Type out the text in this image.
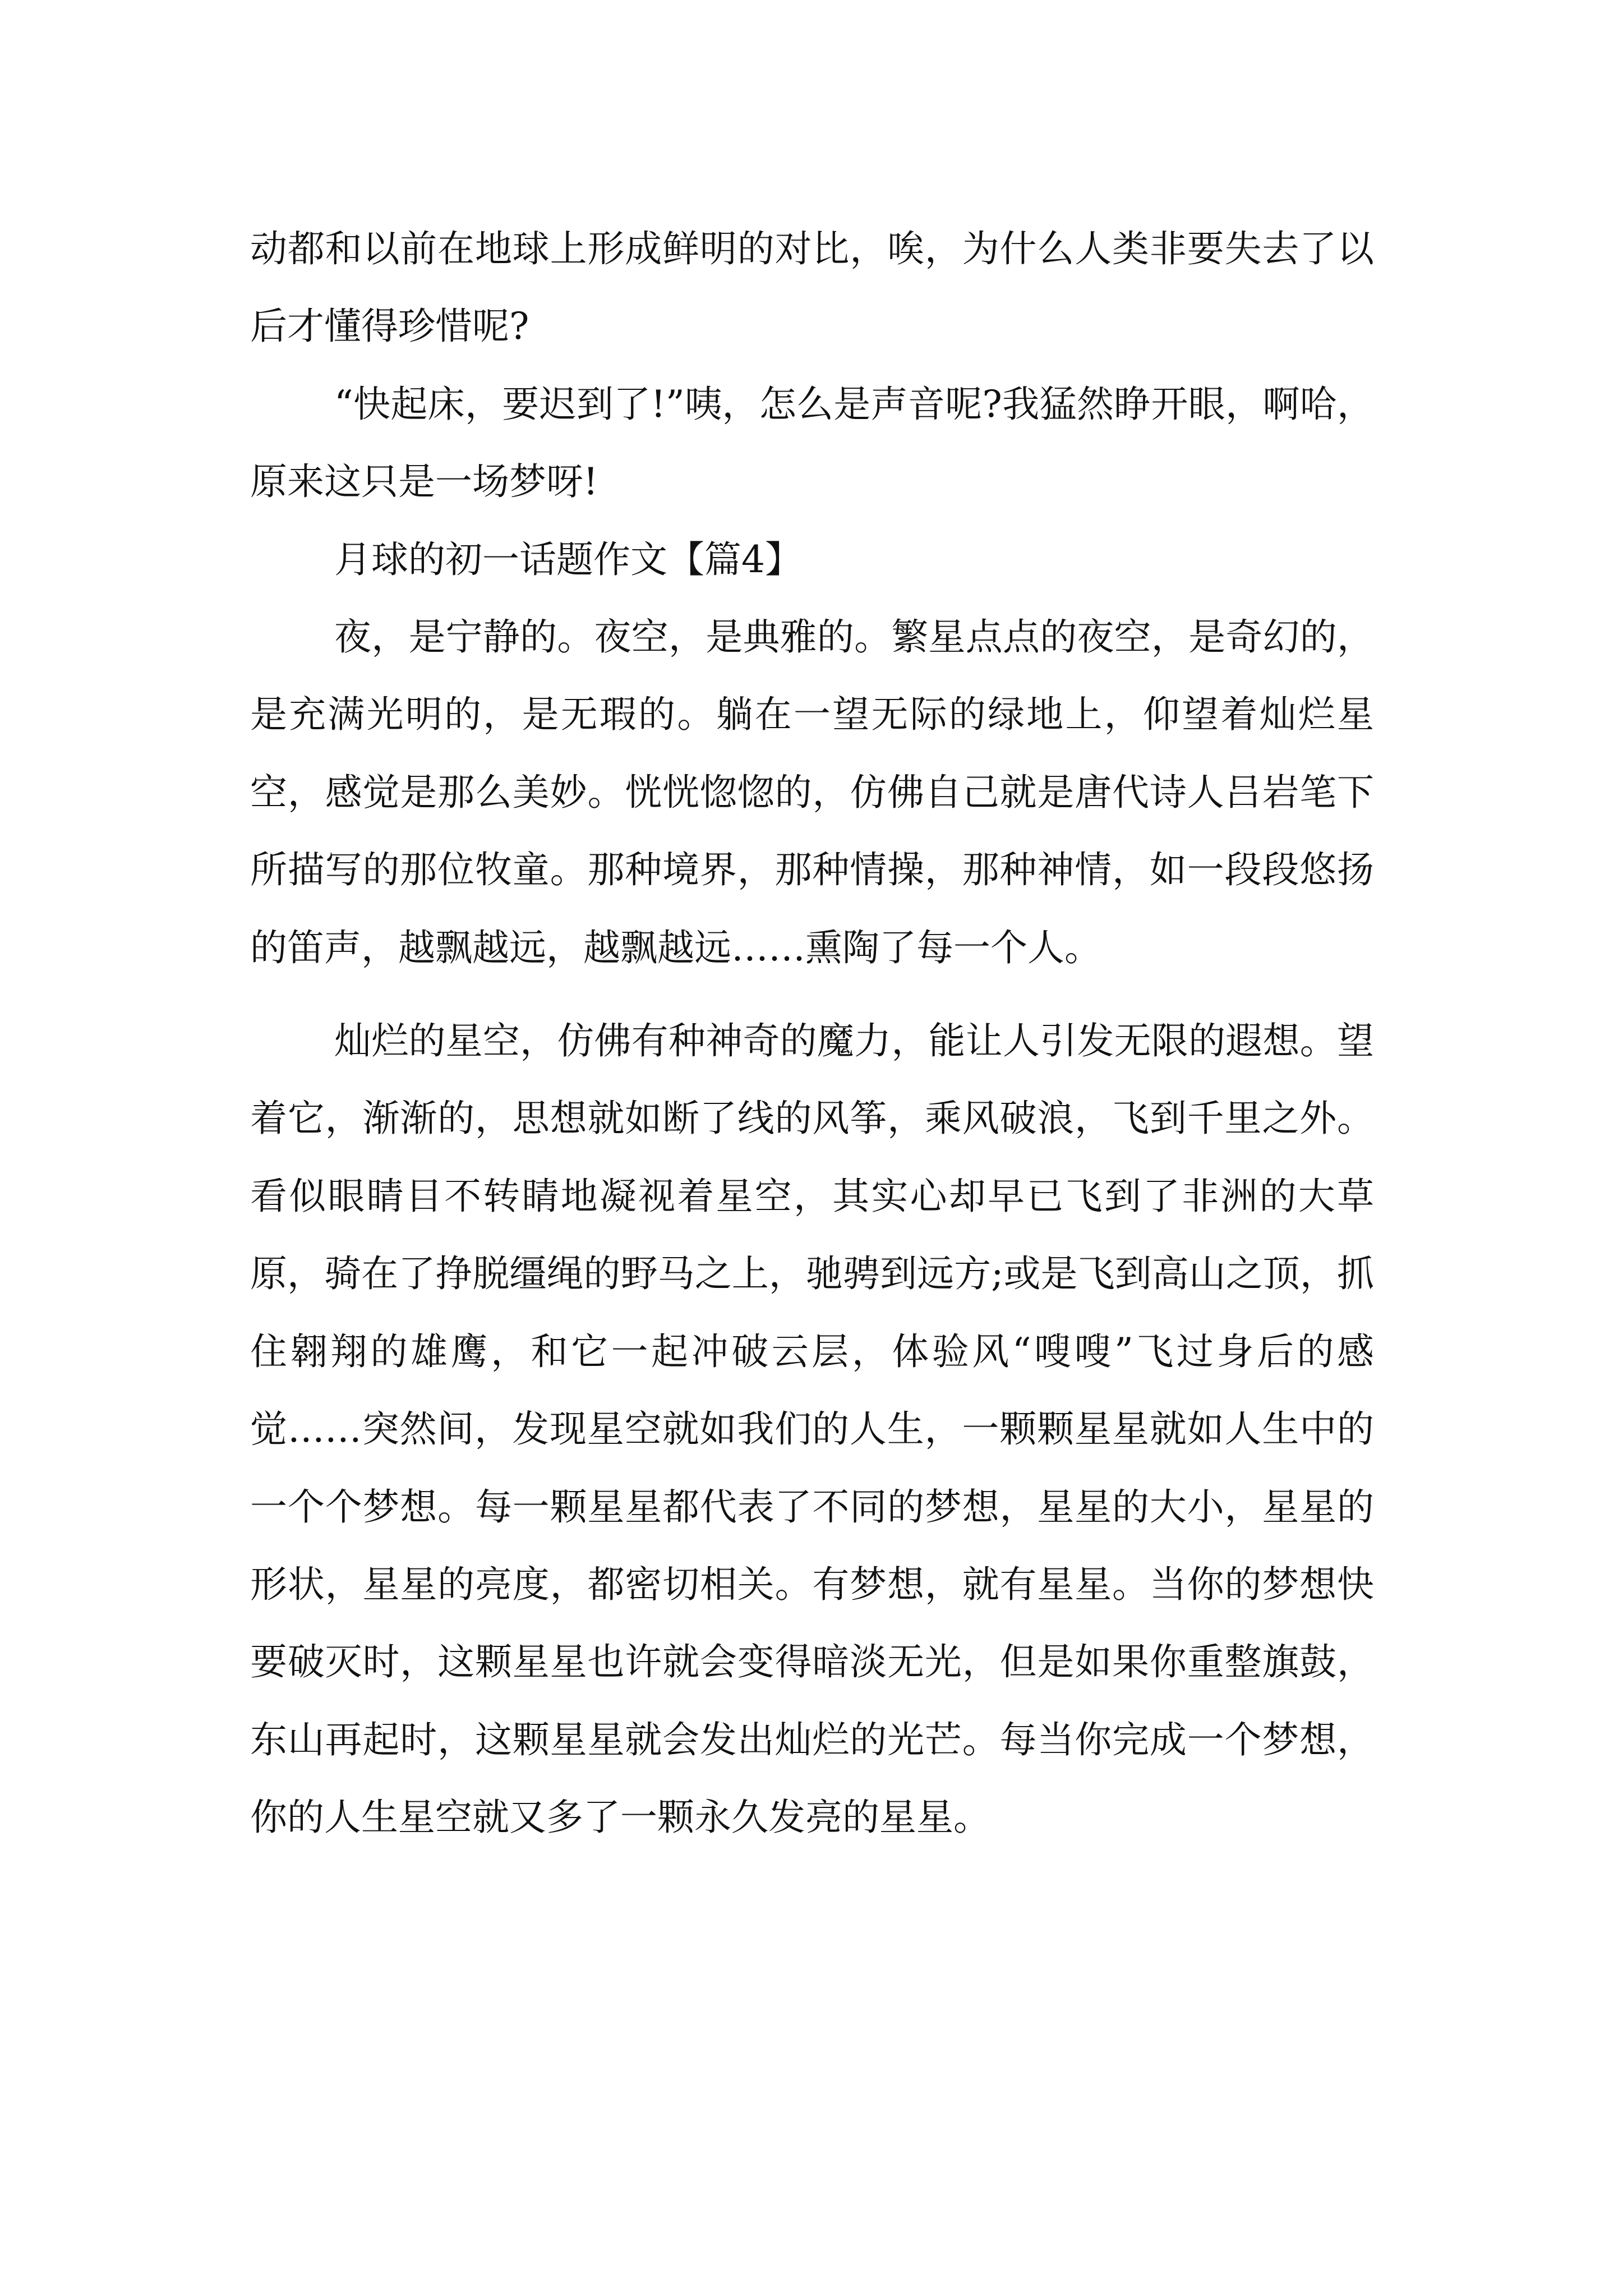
动都和以前在地球上形成鲜明的对比，唉，为什么人类非要失去了以后才懂得珍惜呢?

“快起床，要迟到了!”咦，怎么是声音呢?我猛然睁开眼，啊哈，原来这只是一场梦呀!

月球的初一话题作文【篇4】

夜，是宁静的。夜空，是典雅的。繁星点点的夜空，是奇幻的，是充满光明的，是无瑕的。躺在一望无际的绿地上，仰望着灿烂星空，感觉是那么美妙。恍恍惚惚的，仿佛自己就是唐代诗人吕岩笔下所描写的那位牧童。那种境界，那种情操，那种神情，如一段段悠扬的笛声，越飘越远，越飘越远……熏陶了每一个人。

灿烂的星空，仿佛有种神奇的魔力，能让人引发无限的遐想。望着它，渐渐的，思想就如断了线的风筝，乘风破浪，飞到千里之外。看似眼睛目不转睛地凝视着星空，其实心却早已飞到了非洲的大草原，骑在了挣脱缰绳的野马之上，驰骋到远方;或是飞到高山之顶，抓住翱翔的雄鹰，和它一起冲破云层，体验风“嗖嗖”飞过身后的感觉……突然间，发现星空就如我们的人生，一颗颗星星就如人生中的一个个梦想。每一颗星星都代表了不同的梦想，星星的大小，星星的形状，星星的亮度，都密切相关。有梦想，就有星星。当你的梦想快要破灭时，这颗星星也许就会变得暗淡无光，但是如果你重整旗鼓，东山再起时，这颗星星就会发出灿烂的光芒。每当你完成一个梦想，你的人生星空就又多了一颗永久发亮的星星。
